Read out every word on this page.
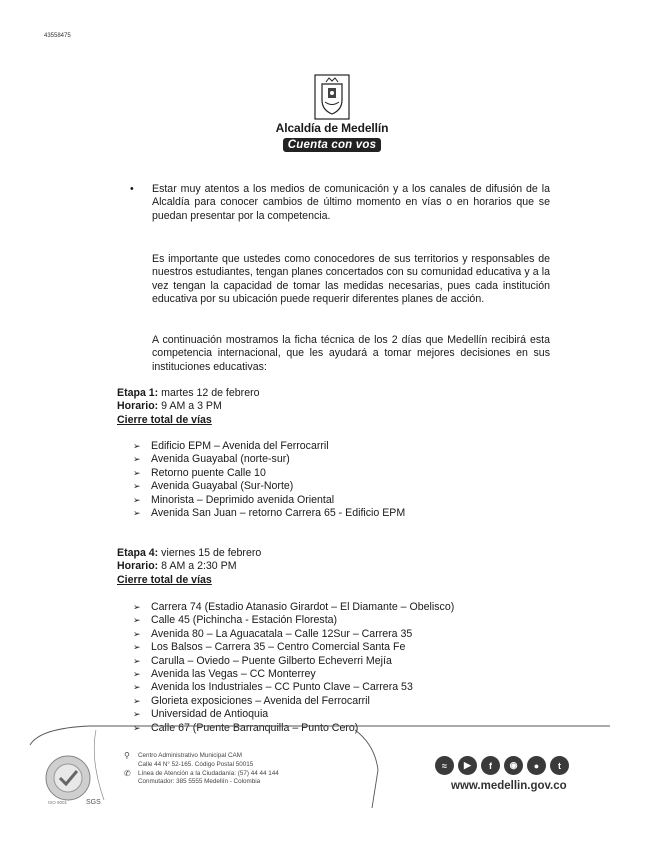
43558475
Alcaldía de Medellín
Cuenta con vos
• Estar muy atentos a los medios de comunicación y a los canales de difusión de la Alcaldía para conocer cambios de último momento en vías o en horarios que se puedan presentar por la competencia.
Es importante que ustedes como conocedores de sus territorios y responsables de nuestros estudiantes, tengan planes concertados con su comunidad educativa y a la vez tengan la capacidad de tomar las medidas necesarias, pues cada institución educativa por su ubicación puede requerir diferentes planes de acción.
A continuación mostramos la ficha técnica de los 2 días que Medellín recibirá esta competencia internacional, que les ayudará a tomar mejores decisiones en sus instituciones educativas:
Etapa 1: martes 12 de febrero
Horario: 9 AM a 3 PM
Cierre total de vías
➢ Edificio EPM – Avenida del Ferrocarril
➢ Avenida Guayabal (norte-sur)
➢ Retorno puente Calle 10
➢ Avenida Guayabal (Sur-Norte)
➢ Minorista – Deprimido avenida Oriental
➢ Avenida San Juan – retorno Carrera 65 - Edificio EPM
Etapa 4: viernes 15 de febrero
Horario: 8 AM a 2:30 PM
Cierre total de vías
➢ Carrera 74 (Estadio Atanasio Girardot – El Diamante – Obelisco)
➢ Calle 45 (Pichincha - Estación Floresta)
➢ Avenida 80 – La Aguacatala – Calle 12Sur – Carrera 35
➢ Los Balsos – Carrera 35 – Centro Comercial Santa Fe
➢ Carulla – Oviedo – Puente Gilberto Echeverri Mejía
➢ Avenida las Vegas – CC Monterrey
➢ Avenida los Industriales – CC Punto Clave – Carrera 53
➢ Glorieta exposiciones – Avenida del Ferrocarril
➢ Universidad de Antioquia
➢ Calle 67 (Puente Barranquilla – Punto Cero)
SGS
ISO 9001
⚲ Centro Administrativo Municipal CAM
Calle 44 N° 52-165. Código Postal 50015
✆ Línea de Atención a la Ciudadanía: (57) 44 44 144
Conmutador: 385 5555 Medellín - Colombia
≈	▶	f	◉	●	t
www.medellin.gov.co
